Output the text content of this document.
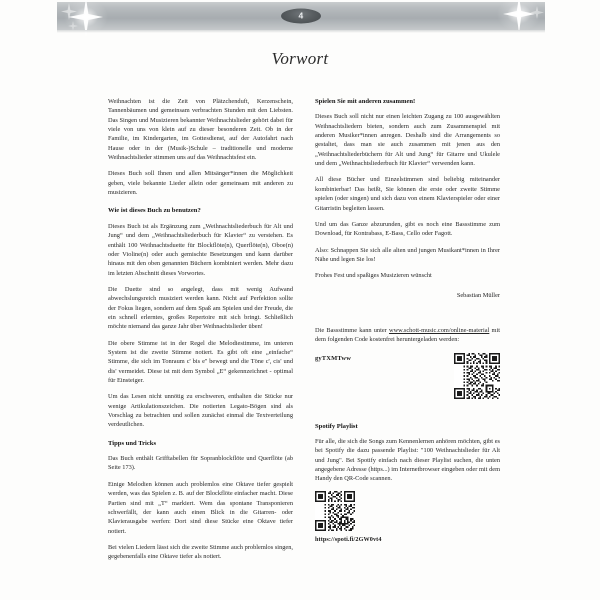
4
Vorwort

Weihnachten ist die Zeit von Plätzchenduft, Kerzenschein, Tannenbäumen und gemeinsam verbrachten Stunden mit den Liebsten. Das Singen und Musizieren bekannter Weihnachtslieder gehört dabei für viele von uns von klein auf zu dieser besonderen Zeit. Ob in der Familie, im Kindergarten, im Gottesdienst, auf der Autofahrt nach Hause oder in der (Musik-)Schule – traditionelle und moderne Weihnachtslieder stimmen uns auf das Weihnachtsfest ein.

Dieses Buch soll Ihnen und allen Mitsänger*innen die Möglichkeit geben, viele bekannte Lieder allein oder gemeinsam mit anderen zu musizieren.

Wie ist dieses Buch zu benutzen?

Dieses Buch ist als Ergänzung zum „Weihnachtsliederbuch für Alt und Jung“ und dem „Weihnachtsliederbuch für Klavier“ zu verstehen. Es enthält 100 Weihnachtsduette für Blockflöte(n), Querflöte(n), Oboe(n) oder Violine(n) oder auch gemischte Besetzungen und kann darüber hinaus mit den oben genannten Büchern kombiniert werden. Mehr dazu im letzten Abschnitt dieses Vorwortes.

Die Duette sind so angelegt, dass mit wenig Aufwand abwechslungsreich musiziert werden kann. Nicht auf Perfektion sollte der Fokus liegen, sondern auf dem Spaß am Spielen und der Freude, die ein schnell erlerntes, großes Repertoire mit sich bringt. Schließlich möchte niemand das ganze Jahr über Weihnachtslieder üben!

Die obere Stimme ist in der Regel die Melodiestimme, im unteren System ist die zweite Stimme notiert. Es gibt oft eine „einfache“ Stimme, die sich im Tonraum c' bis e'' bewegt und die Töne c', cis' und dis' vermeidet. Diese ist mit dem Symbol „E“ gekennzeichnet - optimal für Einsteiger.

Um das Lesen nicht unnötig zu erschweren, enthalten die Stücke nur wenige Artikulationszeichen. Die notierten Legato-Bögen sind als Vorschlag zu betrachten und sollen zunächst einmal die Textverteilung verdeutlichen.

Tipps und Tricks

Das Buch enthält Grifftabellen für Sopranblockflöte und Querflöte (ab Seite 173).

Einige Melodien können auch problemlos eine Oktave tiefer gespielt werden, was das Spielen z. B. auf der Blockflöte einfacher macht. Diese Partien sind mit „T“ markiert. Wem das spontane Transponieren schwerfällt, der kann auch einen Blick in die Gitarren- oder Klavierausgabe werfen: Dort sind diese Stücke eine Oktave tiefer notiert.

Bei vielen Liedern lässt sich die zweite Stimme auch problemlos singen, gegebenenfalls eine Oktave tiefer als notiert.

Spielen Sie mit anderen zusammen!

Dieses Buch soll nicht nur einen leichten Zugang zu 100 ausgewählten Weihnachtsliedern bieten, sondern auch zum Zusammenspiel mit anderen Musiker*innen anregen. Deshalb sind die Arrangements so gestaltet, dass man sie auch zusammen mit jenen aus den „Weihnachtsliederbüchern für Alt und Jung“ für Gitarre und Ukulele und dem „Weihnachtsliederbuch für Klavier“ verwenden kann.

All diese Bücher und Einzelstimmen sind beliebig miteinander kombinierbar! Das heißt, Sie können die erste oder zweite Stimme spielen (oder singen) und sich dazu von einem Klavierspieler oder einer Gitarristin begleiten lassen.

Und um das Ganze abzurunden, gibt es noch eine Bassstimme zum Download, für Kontrabass, E-Bass, Cello oder Fagott.

Also: Schnappen Sie sich alle alten und jungen Musikant*innen in Ihrer Nähe und legen Sie los!

Frohes Fest und spaßiges Musizieren wünscht

Sebastian Müller

Die Bassstimme kann unter www.schott-music.com/online-material mit dem folgenden Code kostenfrei heruntergeladen werden:

gyTXMTww
Spotify Playlist

Für alle, die sich die Songs zum Kennenlernen anhören möchten, gibt es bei Spotify die dazu passende Playlist: "100 Weihnachtslieder für Alt und Jung". Bei Spotify einfach nach dieser Playlist suchen, die unten angegebene Adresse (https...) im Internetbrowser eingeben oder mit dem Handy den QR-Code scannen.

https://spoti.fi/2GW0vt4
